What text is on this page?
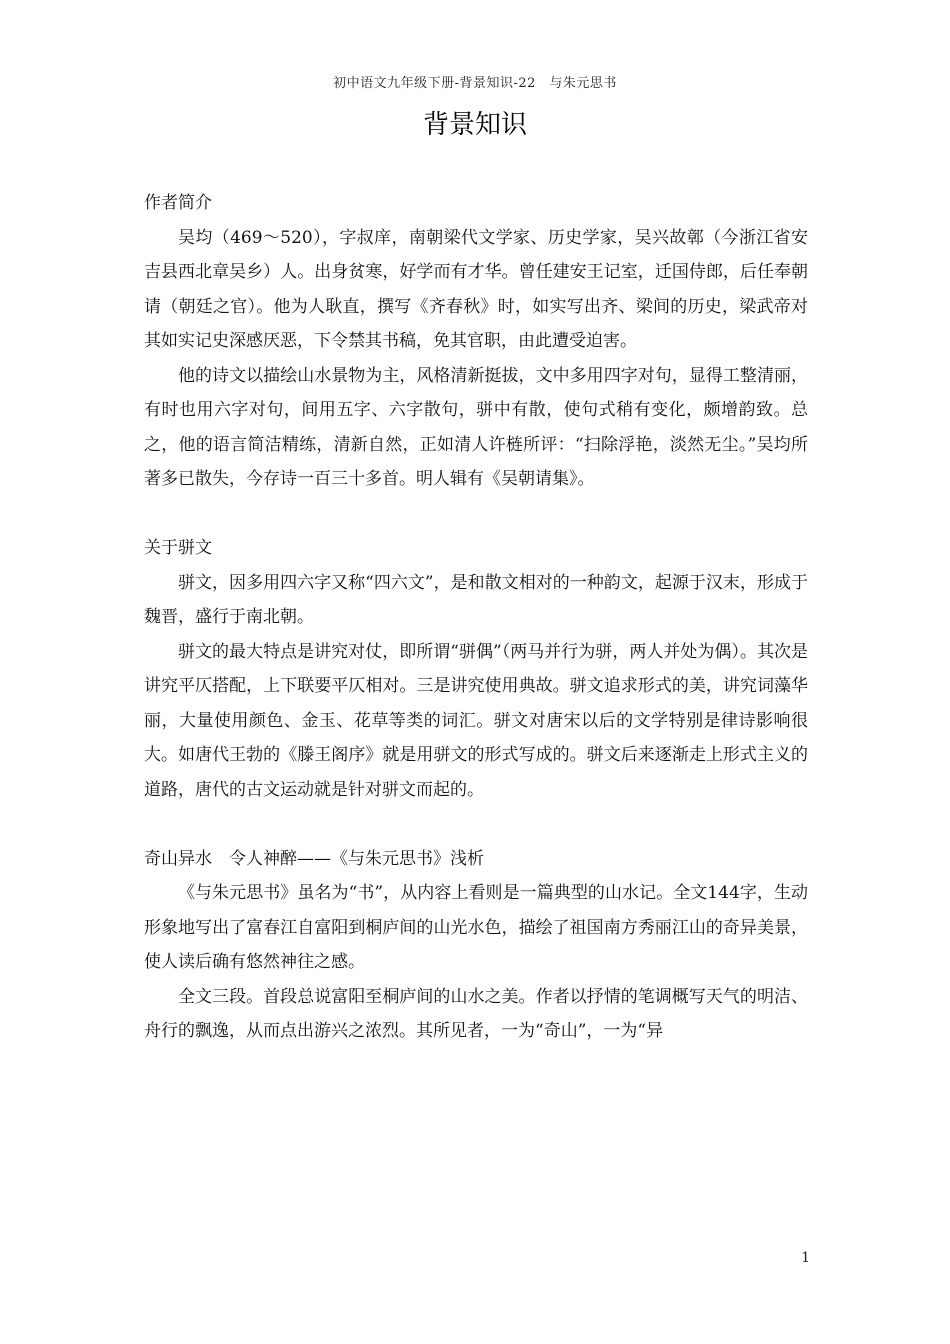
初中语文九年级下册-背景知识-22　与朱元思书
背景知识

作者简介

吴均（469～520），字叔庠，南朝梁代文学家、历史学家，吴兴故鄣（今浙江省安吉县西北章吴乡）人。出身贫寒，好学而有才华。曾任建安王记室，迁国侍郎，后任奉朝请（朝廷之官）。他为人耿直，撰写《齐春秋》时，如实写出齐、梁间的历史，梁武帝对其如实记史深感厌恶，下令禁其书稿，免其官职，由此遭受迫害。

他的诗文以描绘山水景物为主，风格清新挺拔，文中多用四字对句，显得工整清丽，有时也用六字对句，间用五字、六字散句，骈中有散，使句式稍有变化，颇增韵致。总之，他的语言简洁精练，清新自然，正如清人许梿所评：“扫除浮艳，淡然无尘。”吴均所著多已散失，今存诗一百三十多首。明人辑有《吴朝请集》。

关于骈文

骈文，因多用四六字又称“四六文”，是和散文相对的一种韵文，起源于汉末，形成于魏晋，盛行于南北朝。

骈文的最大特点是讲究对仗，即所谓“骈偶”（两马并行为骈，两人并处为偶）。其次是讲究平仄搭配，上下联要平仄相对。三是讲究使用典故。骈文追求形式的美，讲究词藻华丽，大量使用颜色、金玉、花草等类的词汇。骈文对唐宋以后的文学特别是律诗影响很大。如唐代王勃的《滕王阁序》就是用骈文的形式写成的。骈文后来逐渐走上形式主义的道路，唐代的古文运动就是针对骈文而起的。

奇山异水　令人神醉——《与朱元思书》浅析

《与朱元思书》虽名为“书”，从内容上看则是一篇典型的山水记。全文144字，生动形象地写出了富春江自富阳到桐庐间的山光水色，描绘了祖国南方秀丽江山的奇异美景，使人读后确有悠然神往之感。

全文三段。首段总说富阳至桐庐间的山水之美。作者以抒情的笔调概写天气的明洁、舟行的飘逸，从而点出游兴之浓烈。其所见者，一为“奇山”，一为“异

1
